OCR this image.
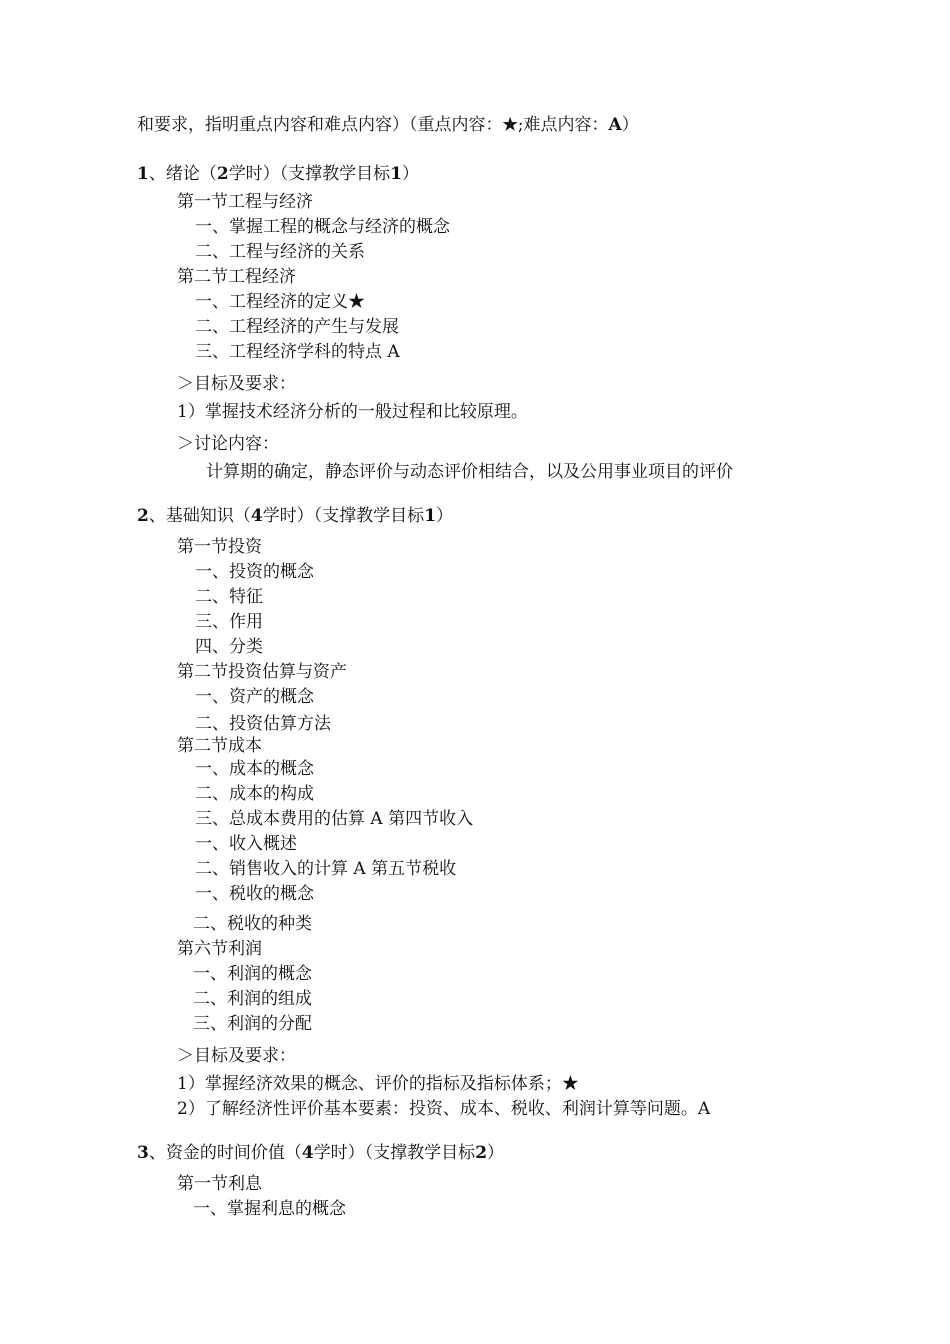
和要求，指明重点内容和难点内容）（重点内容：★;难点内容：A）
1、绪论（2学时）（支撑教学目标1）
第一节工程与经济
一、掌握工程的概念与经济的概念
二、工程与经济的关系
第二节工程经济
一、工程经济的定义★
二、工程经济的产生与发展
三、工程经济学科的特点 A
＞目标及要求：
1）掌握技术经济分析的一般过程和比较原理。
＞讨论内容：
计算期的确定，静态评价与动态评价相结合，以及公用事业项目的评价
2、基础知识（4学时）（支撑教学目标1）
第一节投资
一、投资的概念
二、特征
三、作用
四、分类
第二节投资估算与资产
一、资产的概念
二、投资估算方法
第二节成本
一、成本的概念
二、成本的构成
三、总成本费用的估算 A 第四节收入
一、收入概述
二、销售收入的计算 A 第五节税收
一、税收的概念
二、税收的种类
第六节利润
一、利润的概念
二、利润的组成
三、利润的分配
＞目标及要求：
1）掌握经济效果的概念、评价的指标及指标体系；★
2）了解经济性评价基本要素：投资、成本、税收、利润计算等问题。A
3、资金的时间价值（4学时）（支撑教学目标2）
第一节利息
一、掌握利息的概念
